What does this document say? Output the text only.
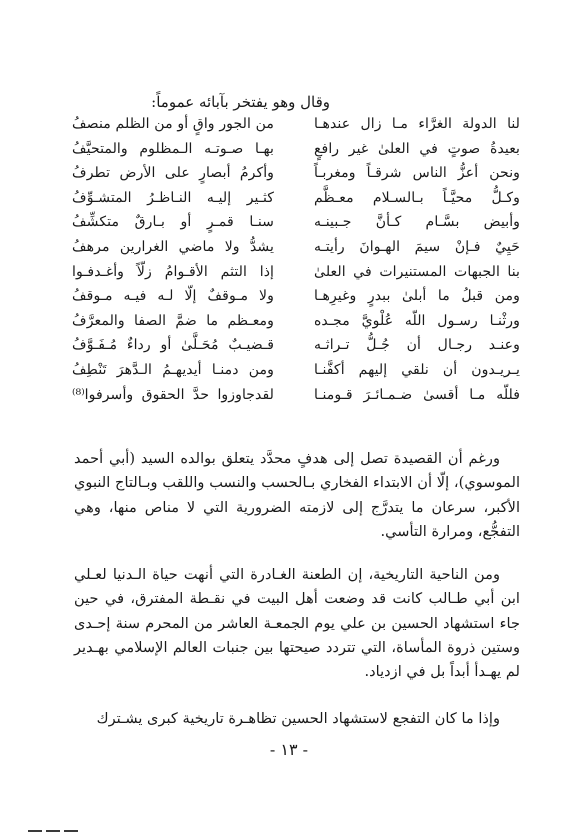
وقال وهو يفتخر بآبائه عموماً:
لنا الدولة الغرَّاء مـا زال عندهـا
من الجور واقٍ أو من الظلم منصفُ
بعيدةُ صوتٍ في العلىٰ غير رافعٍ
بهـا صـوتـه الـمظلوم والمتحيَّفُ
ونحن أعزُّ الناس شرقـاً ومغربـاً
وأكرمُ أبصارٍ على الأرض تطرفُ
وكـلُّ محيَّـاً بـالسـلام معـظَّم
كثـير إليـه النـاظـرُ المتشـوِّفُ
وأبيض بسَّـام كـأنَّ جـبينـه
سنـا قمـرٍ أو بـارقٌ متكشِّفُ
حَيِيٌ فـإنْ سيمَ الهـوانَ رأيتـه
يشدُّ ولا ماضي الغرارين مرهفُ
بنا الجبهات المستنيرات في العلىٰ
إذا التثم الأقـوامُ زلّاً وأغـدفـوا
ومن قبلُ ما أبلىٰ ببدرٍ وغيرِهـا
ولا مـوقفٌ إلّا لـه فيـه مـوقفُ
ورثْنـا رسـول اللّه عُلْويَّ مجـده
ومعـظم ما ضمَّ الصفا والمعرَّفُ
وعنـد رجـال أن جُـلُّ تـراثـه
قـضيـبٌ مُحَـلَّىٰ أو رداءٌ مُـفَـوَّفُ
يـريـدون أن نلقي إليهم أكفَّنـا
ومن دمنـا أيديهـمُ الـدَّهرَ تَنْطِفُ
فللّه مـا أقسىٰ ضـمـائـرَ قـومنـا
لقدجاوزوا حدَّ الحقوق وأسرفوا⁽⁸⁾

ورغم أن القصيدة تصل إلى هدفٍ محدَّد يتعلق بوالده السيد (أبي أحمد الموسوي)، إلّا أن الابتداء الفخاري بـالحسب والنسب واللقب وبـالتاج النبوي الأكبر، سرعان ما يتدرَّج إلى لازمته الضرورية التي لا مناص منها، وهي التفجُّع، ومرارة التأسي.

ومن الناحية التاريخية، إن الطعنة الغـادرة التي أنهت حياة الـدنيا لعـلي ابن أبي طـالب كانت قد وضعت أهل البيت في نقـطة المفترق، في حين جاء استشهاد الحسين بن علي يوم الجمعـة العاشر من المحرم سنة إحـدى وستين ذروة المأساة، التي تتردد صيحتها بين جنبات العالم الإسلامي بهـدير لم يهـدأ أبداً بل في ازدياد.

وإذا ما كان التفجع لاستشهاد الحسين تظاهـرة تاريخية كبرى يشـترك

- ١٣ -
